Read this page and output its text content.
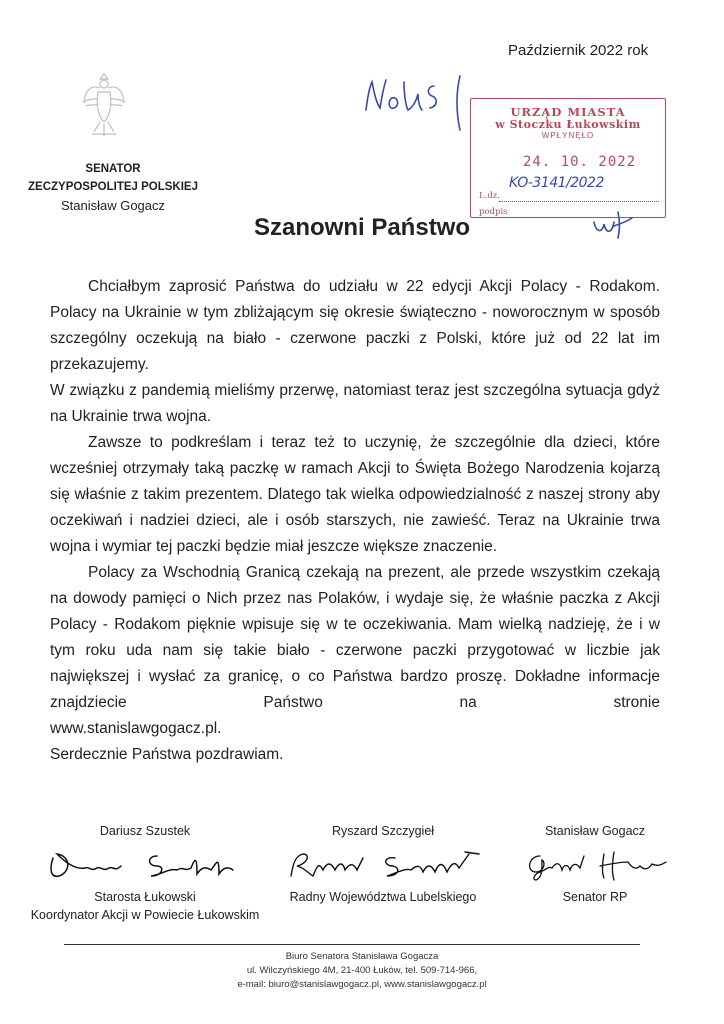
Październik 2022 rok
SENATOR
ZECZYPOSPOLITEJ POLSKIEJ
Stanisław Gogacz
URZĄD MIASTA
w Stoczku Łukowskim
WPŁYNĘŁO
24. 10. 2022
L.dz.
KO-3141/2022
podpis
Szanowni Państwo

Chciałbym zaprosić Państwa do udziału w 22 edycji Akcji Polacy - Rodakom. Polacy na Ukrainie w tym zbliżającym się okresie świąteczno - noworocznym w sposób szczególny oczekują na biało - czerwone paczki z Polski, które już od 22 lat im przekazujemy.

W związku z pandemią mieliśmy przerwę, natomiast teraz jest szczególna sytuacja gdyż na Ukrainie trwa wojna.

Zawsze to podkreślam i teraz też to uczynię, że szczególnie dla dzieci, które wcześniej otrzymały taką paczkę w ramach Akcji to Święta Bożego Narodzenia kojarzą się właśnie z takim prezentem. Dlatego tak wielka odpowiedzialność z naszej strony aby oczekiwań i nadziei dzieci, ale i osób starszych, nie zawieść. Teraz na Ukrainie trwa wojna i wymiar tej paczki będzie miał jeszcze większe znaczenie.

Polacy za Wschodnią Granicą czekają na prezent, ale przede wszystkim czekają na dowody pamięci o Nich przez nas Polaków, i wydaje się, że właśnie paczka z Akcji Polacy - Rodakom pięknie wpisuje się w te oczekiwania. Mam wielką nadzieję, że i w tym roku uda nam się takie biało - czerwone paczki przygotować w liczbie jak największej i wysłać za granicę, o co Państwa bardzo proszę. Dokładne informacje znajdziecie Państwo na stronie

www.stanislawgogacz.pl.

Serdecznie Państwa pozdrawiam.

Dariusz Szustek
Starosta Łukowski
Koordynator Akcji w Powiecie Łukowskim
Ryszard Szczygieł
Radny Województwa Lubelskiego
Stanisław Gogacz
Senator RP
Biuro Senatora Stanisława Gogacza
ul. Wilczyńskiego 4M, 21-400 Łuków, tel. 509-714-966,
e-mail: biuro@stanislawgogacz.pl, www.stanislawgogacz.pl
